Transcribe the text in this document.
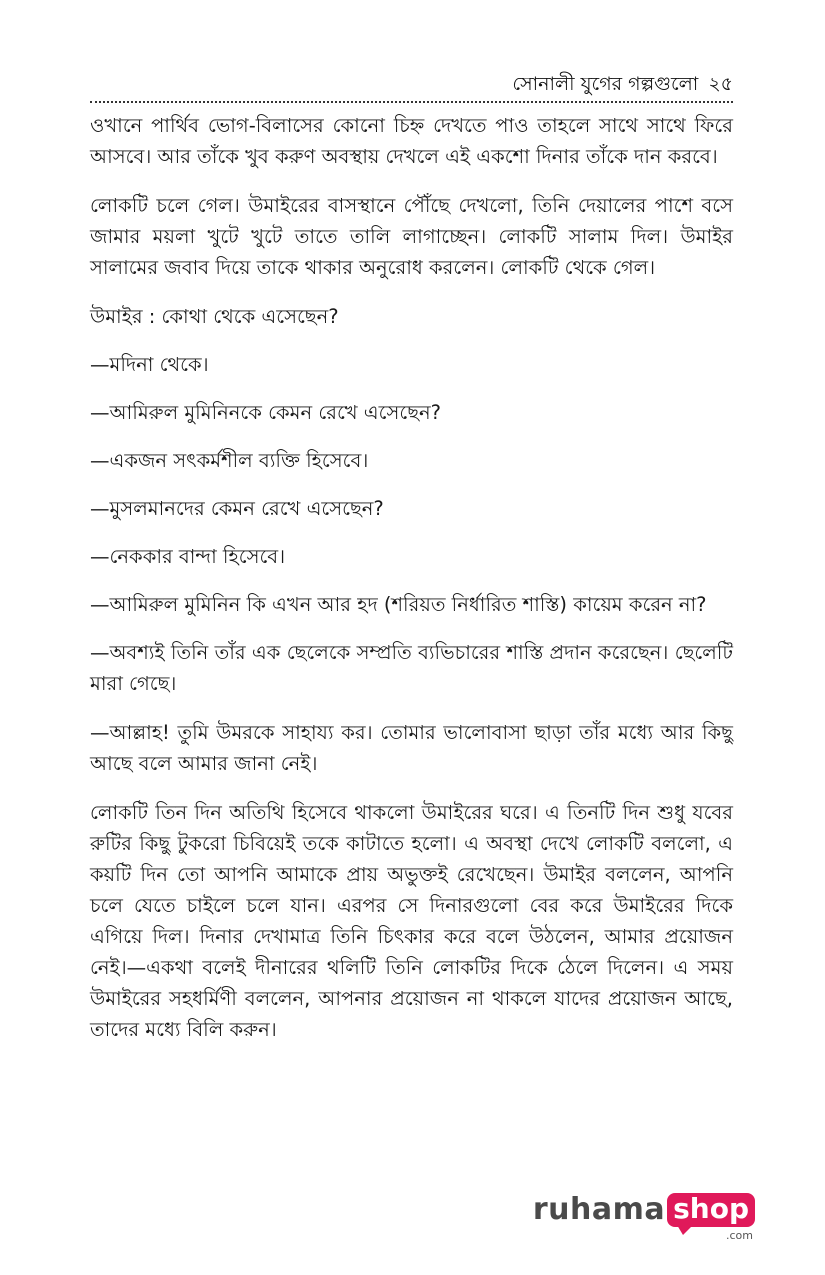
সোনালী যুগের গল্পগুলো ২৫

ওখানে পার্থিব ভোগ-বিলাসের কোনো চিহ্ন দেখতে পাও তাহলে সাথে সাথে ফিরে আসবে। আর তাঁকে খুব করুণ অবস্থায় দেখলে এই একশো দিনার তাঁকে দান করবে।

লোকটি চলে গেল। উমাইরের বাসস্থানে পৌঁছে দেখলো, তিনি দেয়ালের পাশে বসে জামার ময়লা খুটে খুটে তাতে তালি লাগাচ্ছেন। লোকটি সালাম দিল। উমাইর সালামের জবাব দিয়ে তাকে থাকার অনুরোধ করলেন। লোকটি থেকে গেল।

উমাইর : কোথা থেকে এসেছেন?

—মদিনা থেকে।

—আমিরুল মুমিনিনকে কেমন রেখে এসেছেন?

—একজন সৎকর্মশীল ব্যক্তি হিসেবে।

—মুসলমানদের কেমন রেখে এসেছেন?

—নেককার বান্দা হিসেবে।

—আমিরুল মুমিনিন কি এখন আর হদ (শরিয়ত নির্ধারিত শাস্তি) কায়েম করেন না?

—অবশ্যই তিনি তাঁর এক ছেলেকে সম্প্রতি ব্যভিচারের শাস্তি প্রদান করেছেন। ছেলেটি মারা গেছে।

—আল্লাহ! তুমি উমরকে সাহায্য কর। তোমার ভালোবাসা ছাড়া তাঁর মধ্যে আর কিছু আছে বলে আমার জানা নেই।

লোকটি তিন দিন অতিথি হিসেবে থাকলো উমাইরের ঘরে। এ তিনটি দিন শুধু যবের রুটির কিছু টুকরো চিবিয়েই তকে কাটাতে হলো। এ অবস্থা দেখে লোকটি বললো, এ কয়টি দিন তো আপনি আমাকে প্রায় অভুক্তই রেখেছেন। উমাইর বললেন, আপনি চলে যেতে চাইলে চলে যান। এরপর সে দিনারগুলো বের করে উমাইরের দিকে এগিয়ে দিল। দিনার দেখামাত্র তিনি চিৎকার করে বলে উঠলেন, আমার প্রয়োজন নেই।—একথা বলেই দীনারের থলিটি তিনি লোকটির দিকে ঠেলে দিলেন। এ সময় উমাইরের সহধর্মিণী বললেন, আপনার প্রয়োজন না থাকলে যাদের প্রয়োজন আছে, তাদের মধ্যে বিলি করুন।

ruhama shop
.com
